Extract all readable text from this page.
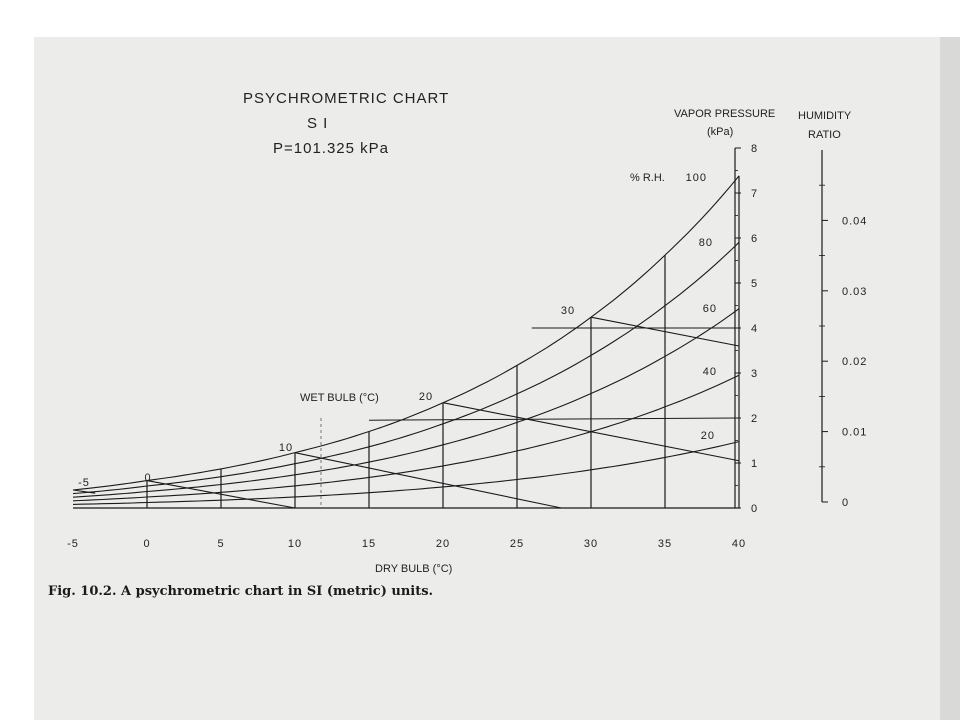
PSYCHROMETRIC CHART
S I
P=101.325 kPa
VAPOR PRESSURE
(kPa)
HUMIDITY
RATIO
% R.H.
WET BULB (°C)
DRY BULB (°C)
100
80
60
40
20
-5	0
10
20
30
-5	0	5	10	15	20	25	30	35	40
0
1
2
3
4
5
6
7
8
0
0.01
0.02
0.03
0.04
Fig. 10.2. A psychrometric chart in SI (metric) units.
